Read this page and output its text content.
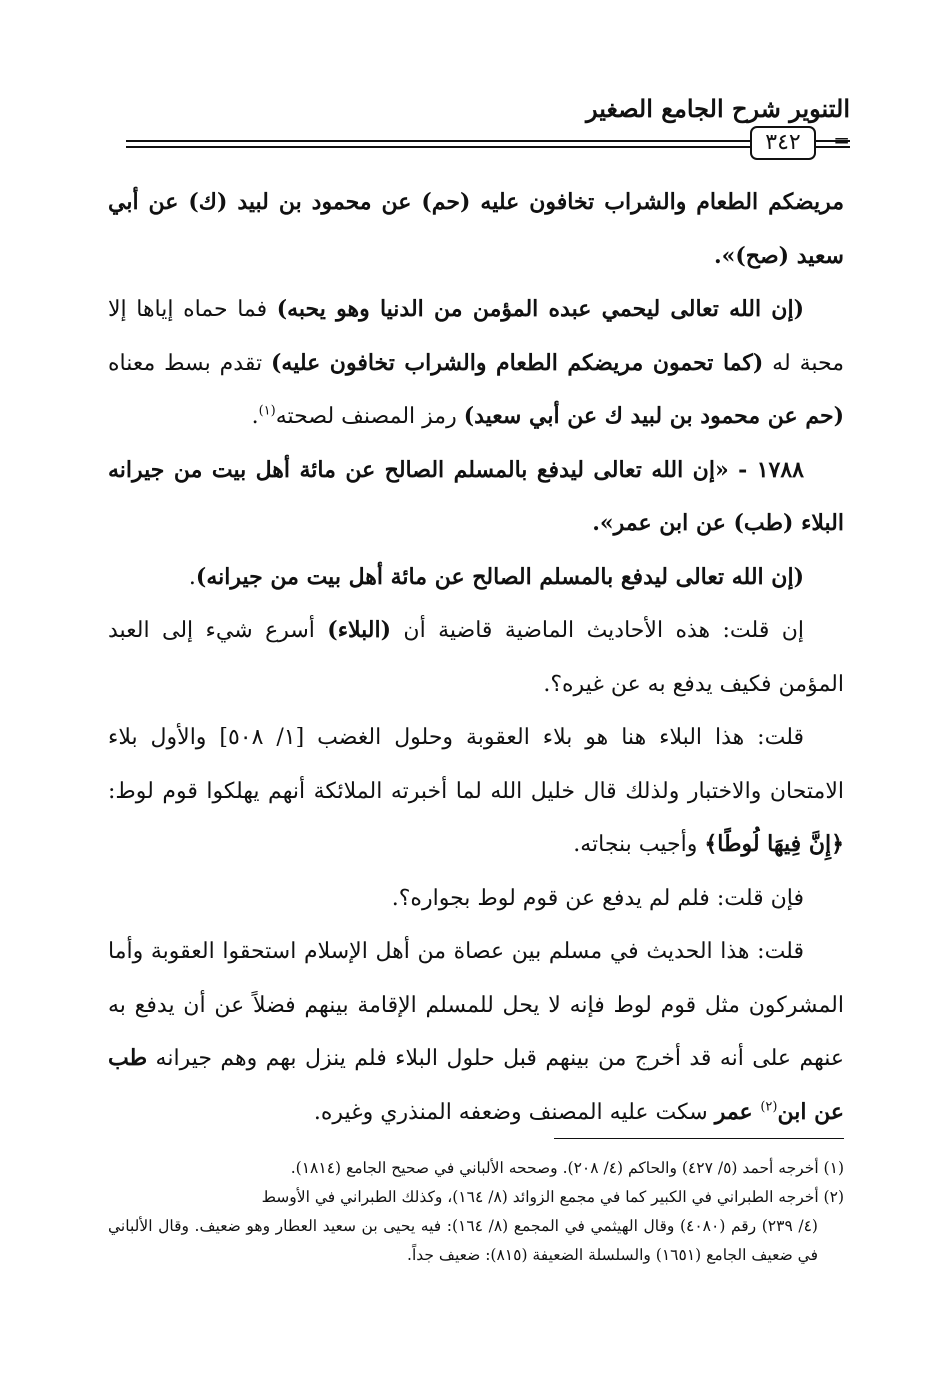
التنوير شرح الجامع الصغير
٣٤٢	=

مريضكم الطعام والشراب تخافون عليه (حم) عن محمود بن لبيد (ك) عن أبي سعيد (صح)».

(إن الله تعالى ليحمي عبده المؤمن من الدنيا وهو يحبه) فما حماه إياها إلا محبة له (كما تحمون مريضكم الطعام والشراب تخافون عليه) تقدم بسط معناه (حم عن محمود بن لبيد ك عن أبي سعيد) رمز المصنف لصحته$^{(١)}$.

١٧٨٨ - «إن الله تعالى ليدفع بالمسلم الصالح عن مائة أهل بيت من جيرانه البلاء (طب) عن ابن عمر».

(إن الله تعالى ليدفع بالمسلم الصالح عن مائة أهل بيت من جيرانه).

إن قلت: هذه الأحاديث الماضية قاضية أن (البلاء) أسرع شيء إلى العبد المؤمن فكيف يدفع به عن غيره؟.

قلت: هذا البلاء هنا هو بلاء العقوبة وحلول الغضب [١/ ٥٠٨] والأول بلاء الامتحان والاختبار ولذلك قال خليل الله لما أخبرته الملائكة أنهم يهلكوا قوم لوط: ﴿إِنَّ فِيهَا لُوطًا﴾ وأجيب بنجاته.

فإن قلت: فلم لم يدفع عن قوم لوط بجواره؟.

قلت: هذا الحديث في مسلم بين عصاة من أهل الإسلام استحقوا العقوبة وأما المشركون مثل قوم لوط فإنه لا يحل للمسلم الإقامة بينهم فضلاً عن أن يدفع به عنهم على أنه قد أخرج من بينهم قبل حلول البلاء فلم ينزل بهم وهم جيرانه طب عن ابن$^{(٢)}$ عمر سكت عليه المصنف وضعفه المنذري وغيره.

(١) أخرجه أحمد (٥/ ٤٢٧) والحاكم (٤/ ٢٠٨). وصححه الألباني في صحيح الجامع (١٨١٤).

(٢) أخرجه الطبراني في الكبير كما في مجمع الزوائد (٨/ ١٦٤)، وكذلك الطبراني في الأوسط

(٤/ ٢٣٩) رقم (٤٠٨٠) وقال الهيثمي في المجمع (٨/ ١٦٤): فيه يحيى بن سعيد العطار وهو ضعيف. وقال الألباني في ضعيف الجامع (١٦٥١) والسلسلة الضعيفة (٨١٥): ضعيف جداً.
